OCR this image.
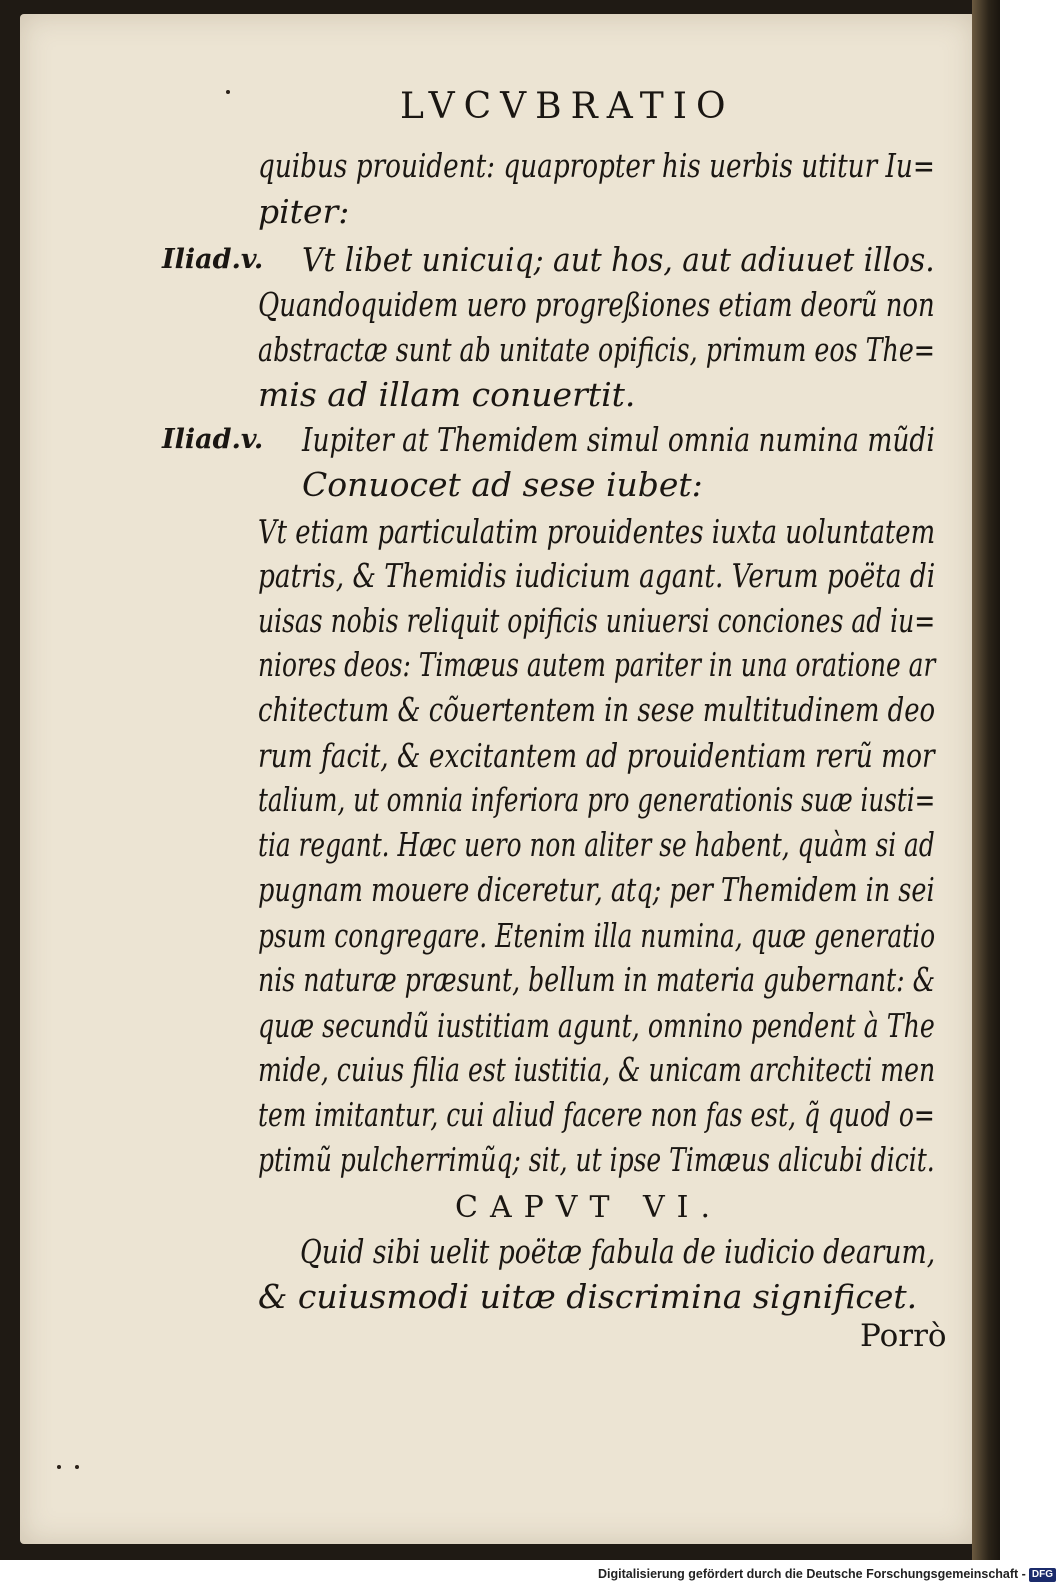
LVCVBRATIO
Iliad.v.
Iliad.v.
quibus prouident: quapropter his uerbis utitur Iu=
piter:
Vt libet unicuiq; aut hos, aut adiuuet illos.
Quandoquidem uero progreßiones etiam deorũ non
abstractæ sunt ab unitate opificis, primum eos The=
mis ad illam conuertit.
Iupiter at Themidem simul omnia numina mũdi
Conuocet ad sese iubet:
Vt etiam particulatim prouidentes iuxta uoluntatem
patris, & Themidis iudicium agant. Verum poëta di
uisas nobis reliquit opificis uniuersi conciones ad iu=
niores deos: Timæus autem pariter in una oratione ar
chitectum & cõuertentem in sese multitudinem deo
rum facit, & excitantem ad prouidentiam rerũ mor
talium, ut omnia inferiora pro generationis suæ iusti=
tia regant. Hæc uero non aliter se habent, quàm si ad
pugnam mouere diceretur, atq; per Themidem in sei
psum congregare. Etenim illa numina, quæ generatio
nis naturæ præsunt, bellum in materia gubernant: &
quæ secundũ iustitiam agunt, omnino pendent à The
mide, cuius filia est iustitia, & unicam architecti men
tem imitantur, cui aliud facere non fas est, q̃ quod o=
ptimũ pulcherrimũq; sit, ut ipse Timæus alicubi dicit.
CAPVT VI.
Quid sibi uelit poëtæ fabula de iudicio dearum,
& cuiusmodi uitæ discrimina significet.
Porrò
Digitalisierung gefördert durch die Deutsche Forschungsgemeinschaft - DFG
